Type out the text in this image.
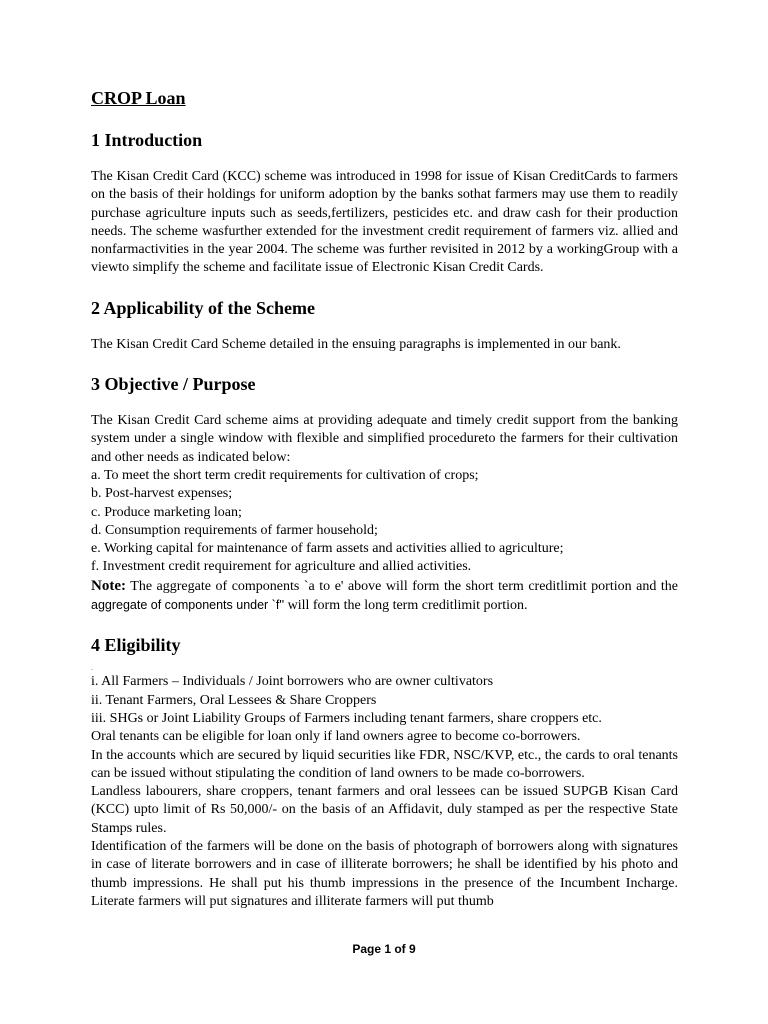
CROP Loan
1 Introduction

The Kisan Credit Card (KCC) scheme was introduced in 1998 for issue of Kisan CreditCards to farmers on the basis of their holdings for uniform adoption by the banks sothat farmers may use them to readily purchase agriculture inputs such as seeds,fertilizers, pesticides etc. and draw cash for their production needs. The scheme wasfurther extended for the investment credit requirement of farmers viz. allied and nonfarmactivities in the year 2004. The scheme was further revisited in 2012 by a workingGroup with a viewto simplify the scheme and facilitate issue of Electronic Kisan Credit Cards.

2 Applicability of the Scheme

The Kisan Credit Card Scheme detailed in the ensuing paragraphs is implemented in our bank.

3 Objective / Purpose

The Kisan Credit Card scheme aims at providing adequate and timely credit support from the banking system under a single window with flexible and simplified procedureto the farmers for their cultivation and other needs as indicated below:

a. To meet the short term credit requirements for cultivation of crops;
b. Post-harvest expenses;
c. Produce marketing loan;
d. Consumption requirements of farmer household;
e. Working capital for maintenance of farm assets and activities allied to agriculture;
f. Investment credit requirement for agriculture and allied activities.

Note: The aggregate of components `a to e' above will form the short term creditlimit portion and the aggregate of components under `f'' will form the long term creditlimit portion.

4 Eligibility
.
i. All Farmers – Individuals / Joint borrowers who are owner cultivators
ii. Tenant Farmers, Oral Lessees & Share Croppers
iii. SHGs or Joint Liability Groups of Farmers including tenant farmers, share croppers etc.
Oral tenants can be eligible for loan only if land owners agree to become co-borrowers.

In the accounts which are secured by liquid securities like FDR, NSC/KVP, etc., the cards to oral tenants can be issued without stipulating the condition of land owners to be made co-borrowers.

Landless labourers, share croppers, tenant farmers and oral lessees can be issued SUPGB Kisan Card (KCC) upto limit of Rs 50,000/- on the basis of an Affidavit, duly stamped as per the respective State Stamps rules.

Identification of the farmers will be done on the basis of photograph of borrowers along with signatures in case of literate borrowers and in case of illiterate borrowers; he shall be identified by his photo and thumb impressions. He shall put his thumb impressions in the presence of the Incumbent Incharge. Literate farmers will put signatures and illiterate farmers will put thumb

Page 1 of 9
